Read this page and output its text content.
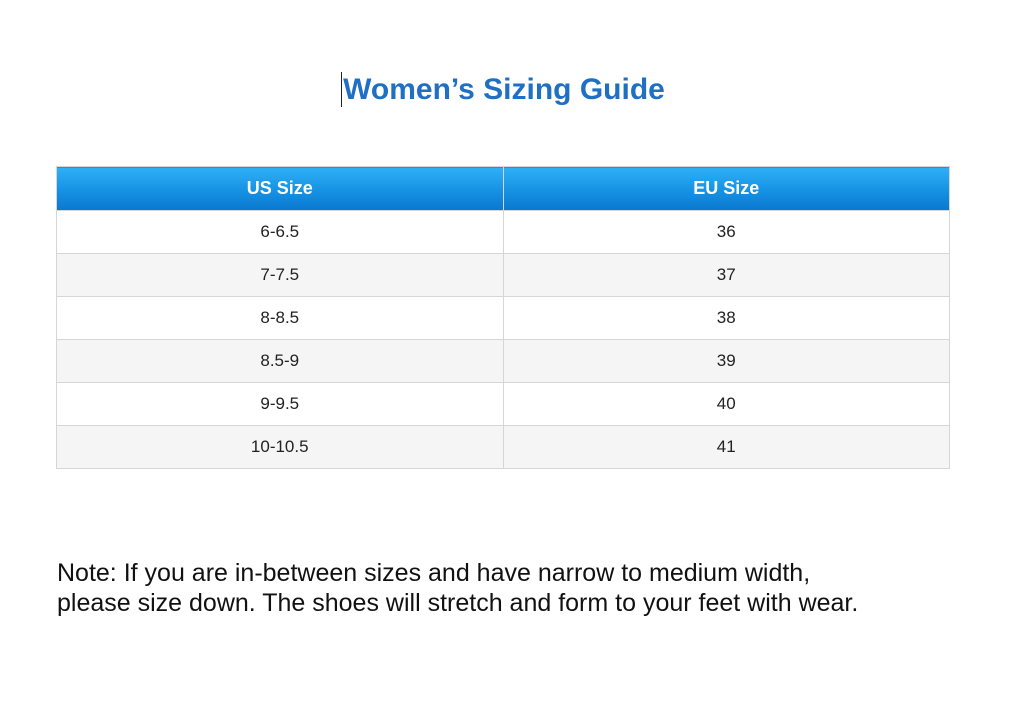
Women’s Sizing Guide
US Size	EU Size
6-6.5	36
7-7.5	37
8-8.5	38
8.5-9	39
9-9.5	40
10-10.5	41

Note: If you are in-between sizes and have narrow to medium width,

please size down. The shoes will stretch and form to your feet with wear.
